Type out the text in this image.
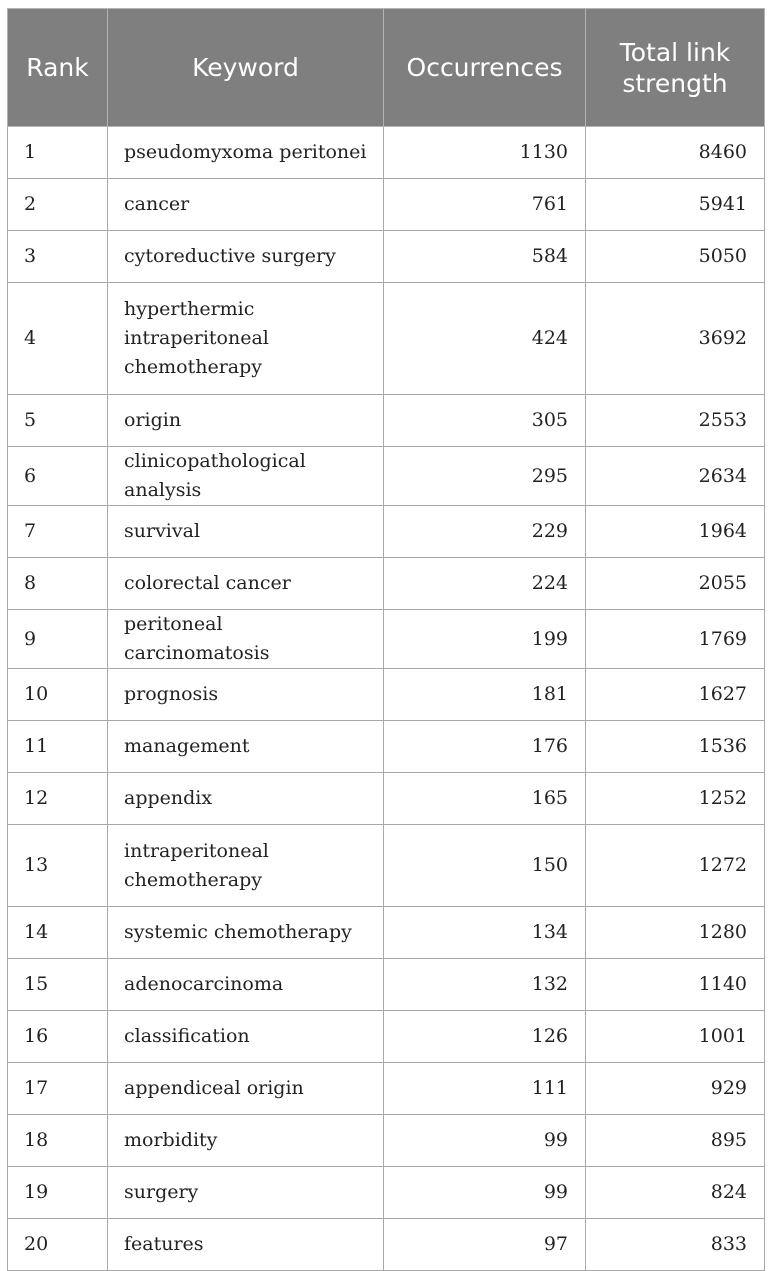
Rank	Keyword	Occurrences	Total link strength
1	pseudomyxoma peritonei	1130	8460
2	cancer	761	5941
3	cytoreductive surgery	584	5050
4	hyperthermic intraperitoneal chemotherapy	424	3692
5	origin	305	2553
6	clinicopathological analysis	295	2634
7	survival	229	1964
8	colorectal cancer	224	2055
9	peritoneal carcinomatosis	199	1769
10	prognosis	181	1627
11	management	176	1536
12	appendix	165	1252
13	intraperitoneal chemotherapy	150	1272
14	systemic chemotherapy	134	1280
15	adenocarcinoma	132	1140
16	classification	126	1001
17	appendiceal origin	111	929
18	morbidity	99	895
19	surgery	99	824
20	features	97	833
